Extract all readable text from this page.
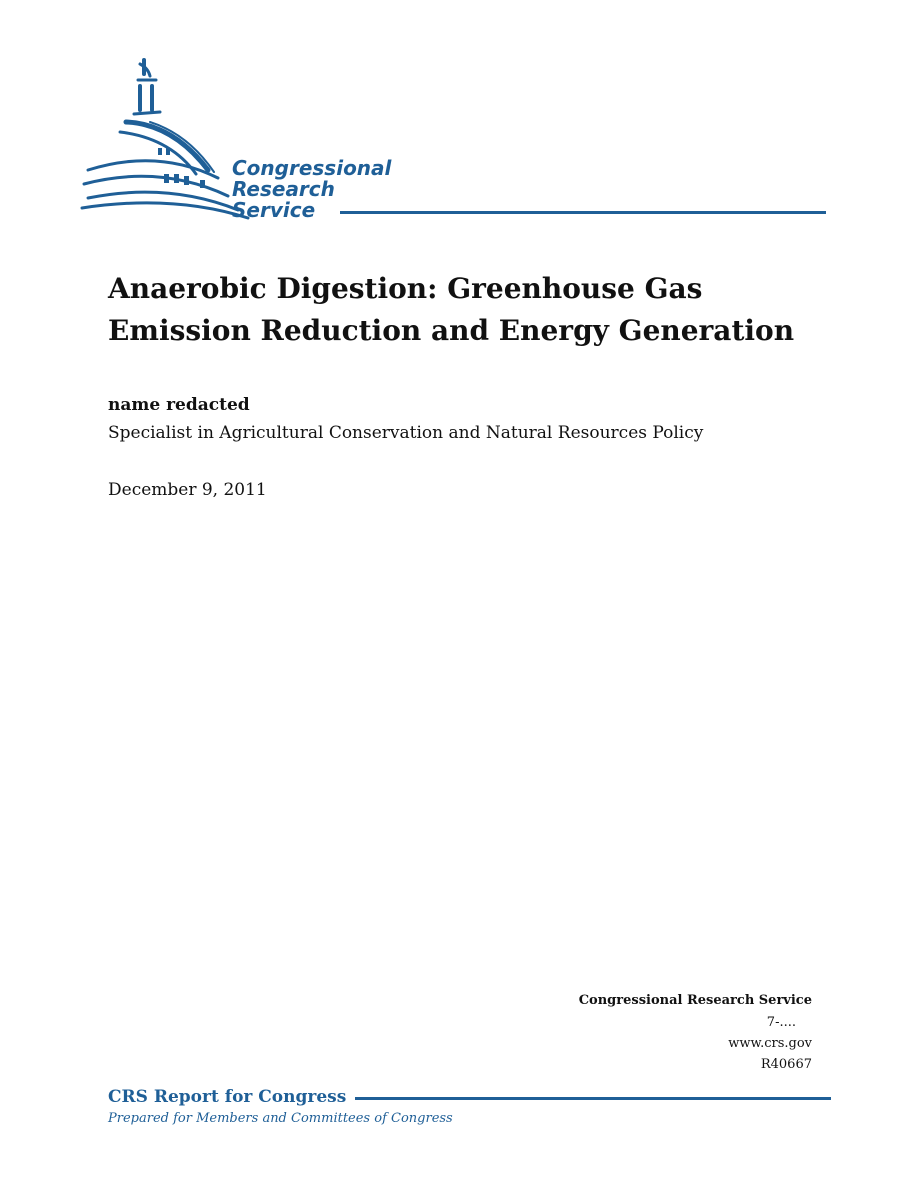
Congressional
Research
Service
Anaerobic Digestion: Greenhouse Gas Emission Reduction and Energy Generation
name redacted
Specialist in Agricultural Conservation and Natural Resources Policy
December 9, 2011
Congressional Research Service
7-....
www.crs.gov
R40667
CRS Report for Congress
Prepared for Members and Committees of Congress
